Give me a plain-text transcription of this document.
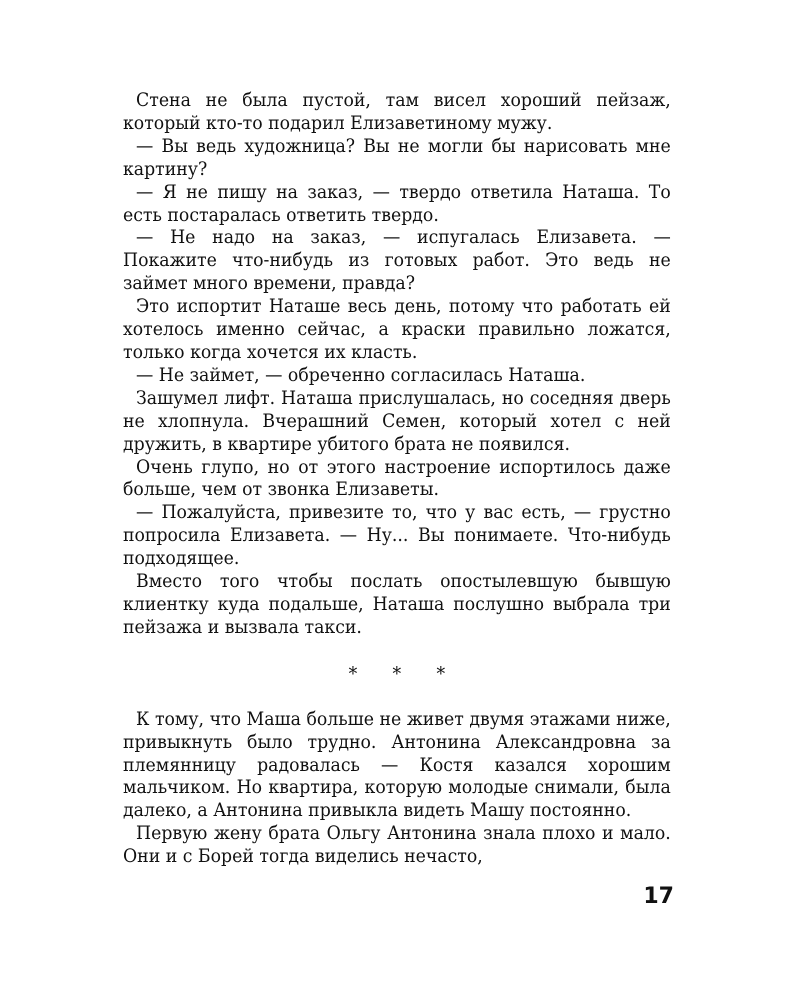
Стена не была пустой, там висел хороший пейзаж, который кто-то подарил Елизаветиному мужу.

— Вы ведь художница? Вы не могли бы нарисовать мне картину?

— Я не пишу на заказ, — твердо ответила Наташа. То есть постаралась ответить твердо.

— Не надо на заказ, — испугалась Елизавета. — Покажите что-нибудь из готовых работ. Это ведь не займет много времени, правда?

Это испортит Наташе весь день, потому что работать ей хотелось именно сейчас, а краски правильно ложатся, только когда хочется их класть.

— Не займет, — обреченно согласилась Наташа.

Зашумел лифт. Наташа прислушалась, но соседняя дверь не хлопнула. Вчерашний Семен, который хотел с ней дружить, в квартире убитого брата не появился.

Очень глупо, но от этого настроение испортилось даже больше, чем от звонка Елизаветы.

— Пожалуйста, привезите то, что у вас есть, — грустно попросила Елизавета. — Ну... Вы понимаете. Что-нибудь подходящее.

Вместо того чтобы послать опостылевшую бывшую клиентку куда подальше, Наташа послушно выбрала три пейзажа и вызвала такси.

* * *

К тому, что Маша больше не живет двумя этажами ниже, привыкнуть было трудно. Антонина Александровна за племянницу радовалась — Костя казался хорошим мальчиком. Но квартира, которую молодые снимали, была далеко, а Антонина привыкла видеть Машу постоянно.

Первую жену брата Ольгу Антонина знала плохо и мало. Они и с Борей тогда виделись нечасто,

17
